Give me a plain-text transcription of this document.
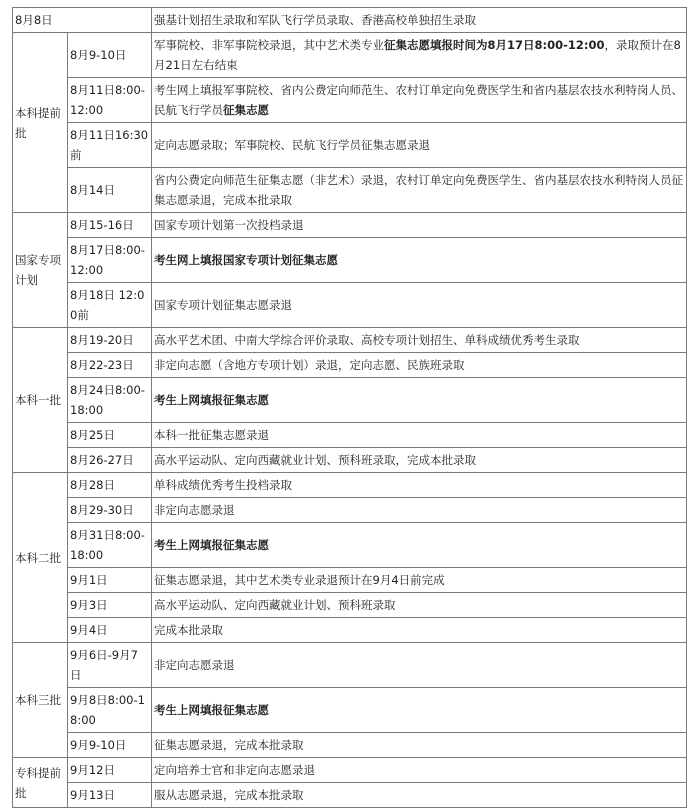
8月8日		强基计划招生录取和军队飞行学员录取、香港高校单独招生录取
本科提前批	8月9-10日	军事院校、非军事院校录退，其中艺术类专业征集志愿填报时间为8月17日8:00-12:00，录取预计在8月21日左右结束
	8月11日8:00-12:00	考生网上填报军事院校、省内公费定向师范生、农村订单定向免费医学生和省内基层农技水利特岗人员、民航飞行学员征集志愿
	8月11日16:30前	定向志愿录取；军事院校、民航飞行学员征集志愿录退
	8月14日	省内公费定向师范生征集志愿（非艺术）录退，农村订单定向免费医学生、省内基层农技水利特岗人员征集志愿录退，完成本批录取
国家专项计划	8月15-16日	国家专项计划第一次投档录退
	8月17日8:00-12:00	考生网上填报国家专项计划征集志愿
	8月18日 12:00前	国家专项计划征集志愿录退
本科一批	8月19-20日	高水平艺术团、中南大学综合评价录取、高校专项计划招生、单科成绩优秀考生录取
	8月22-23日	非定向志愿（含地方专项计划）录退，定向志愿、民族班录取
	8月24日8:00-18:00	考生上网填报征集志愿
	8月25日	本科一批征集志愿录退
	8月26-27日	高水平运动队、定向西藏就业计划、预科班录取，完成本批录取
本科二批	8月28日	单科成绩优秀考生投档录取
	8月29-30日	非定向志愿录退
	8月31日8:00-18:00	考生上网填报征集志愿
	9月1日	征集志愿录退，其中艺术类专业录退预计在9月4日前完成
	9月3日	高水平运动队、定向西藏就业计划、预科班录取
	9月4日	完成本批录取
本科三批	9月6日-9月7日	非定向志愿录退
	9月8日8:00-18:00	考生上网填报征集志愿
	9月9-10日	征集志愿录退，完成本批录取
专科提前批	9月12日	定向培养士官和非定向志愿录退
	9月13日	服从志愿录退，完成本批录取
